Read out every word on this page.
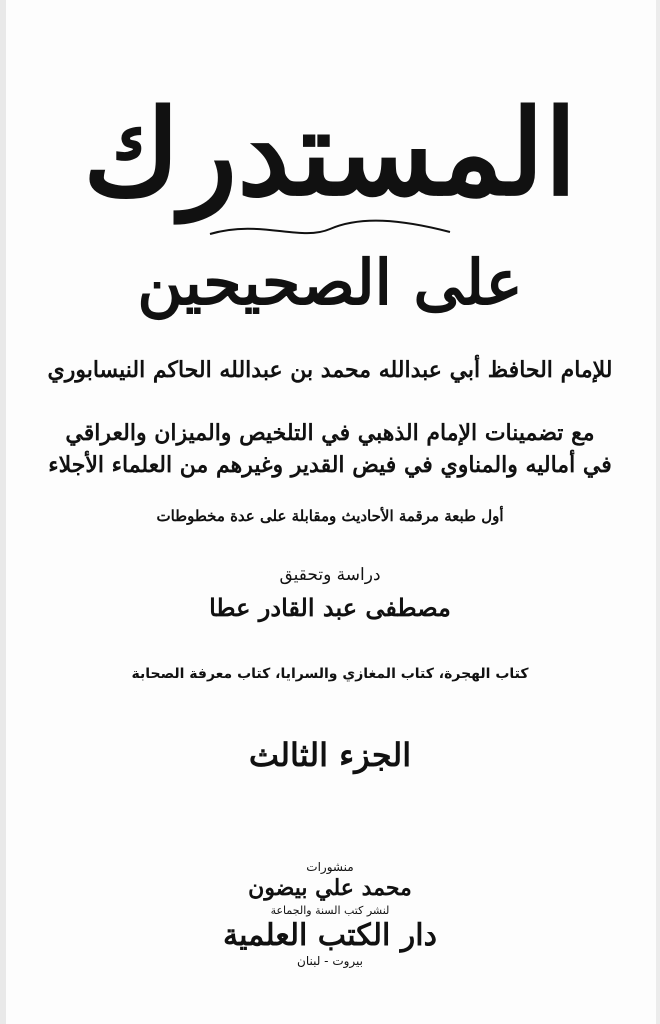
المستدرك
على الصحيحين
للإمام الحافظ أبي عبدالله محمد بن عبدالله الحاكم النيسابوري
مع تضمينات الإمام الذهبي في التلخيص والميزان والعراقي
في أماليه والمناوي في فيض القدير وغيرهم من العلماء الأجلاء
أول طبعة مرقمة الأحاديث ومقابلة على عدة مخطوطات
دراسة وتحقيق
مصطفى عبد القادر عطا
كتاب الهجرة، كتاب المغازي والسرايا، كتاب معرفة الصحابة
الجزء الثالث
منشورات
محمد علي بيضون
لنشر كتب السنة والجماعة
دار الكتب العلمية
بيروت - لبنان
